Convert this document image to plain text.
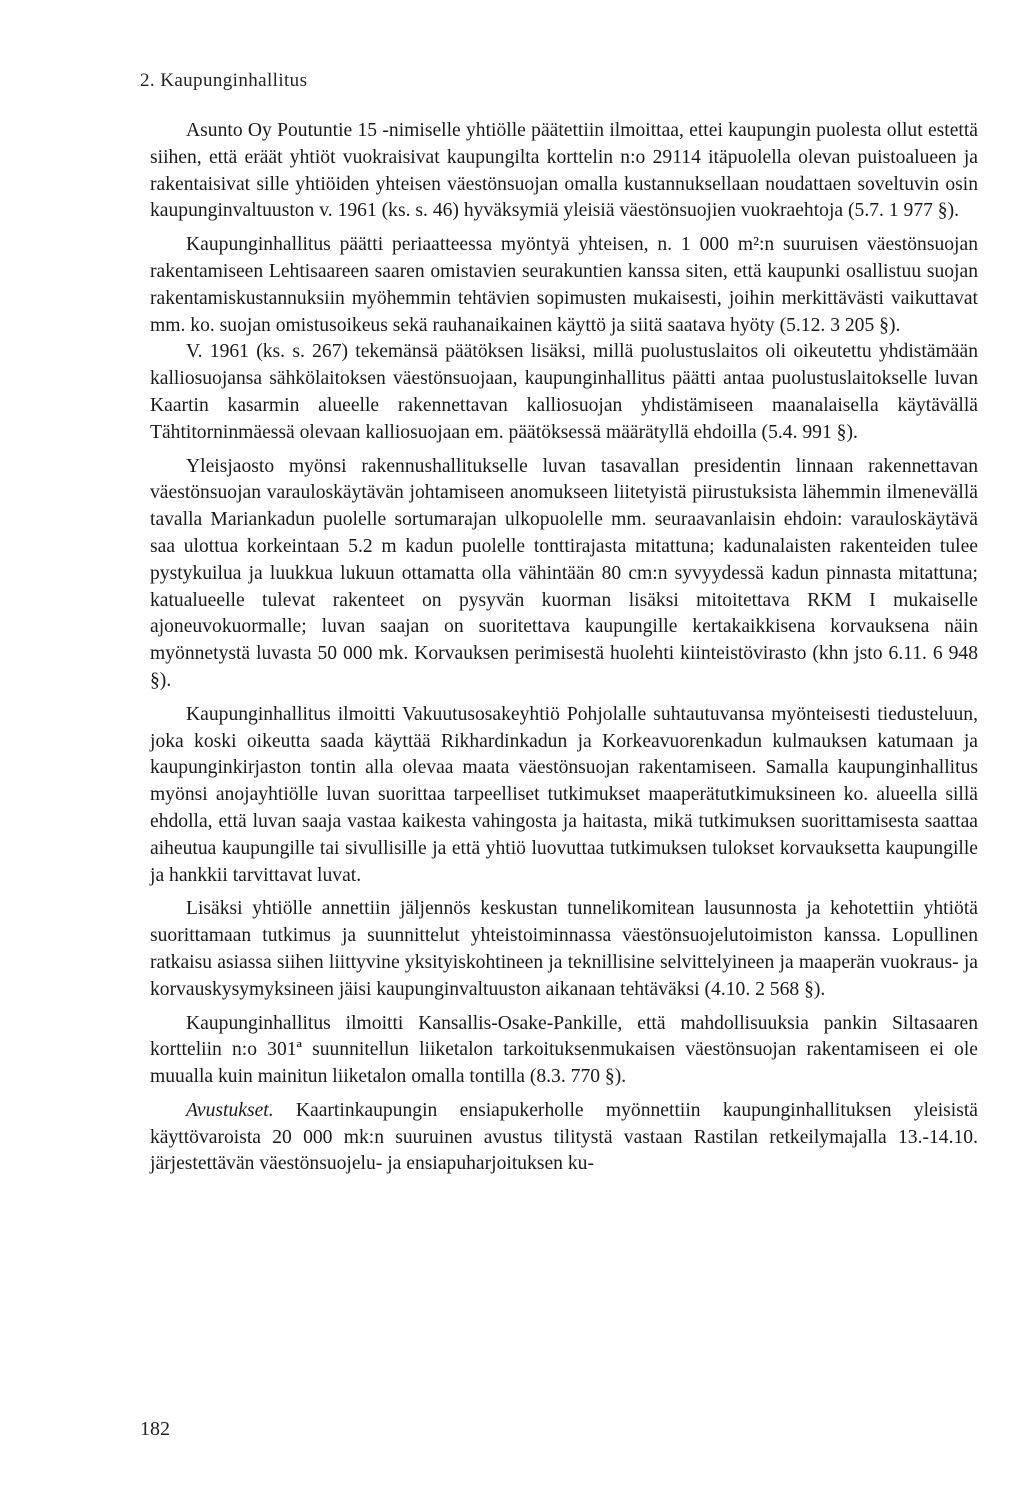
2. Kaupunginhallitus

Asunto Oy Poutuntie 15 -nimiselle yhtiölle päätettiin ilmoittaa, ettei kaupungin puolesta ollut estettä siihen, että eräät yhtiöt vuokraisivat kaupungilta korttelin n:o 29114 itäpuolella olevan puistoalueen ja rakentaisivat sille yhtiöiden yhteisen väestönsuojan omalla kustannuksellaan noudattaen soveltuvin osin kaupunginvaltuuston v. 1961 (ks. s. 46) hyväksymiä yleisiä väestönsuojien vuokraehtoja (5.7. 1 977 §).

Kaupunginhallitus päätti periaatteessa myöntyä yhteisen, n. 1 000 m²:n suuruisen väestönsuojan rakentamiseen Lehtisaareen saaren omistavien seurakuntien kanssa siten, että kaupunki osallistuu suojan rakentamiskustannuksiin myöhemmin tehtävien sopimusten mukaisesti, joihin merkittävästi vaikuttavat mm. ko. suojan omistusoikeus sekä rauhanaikainen käyttö ja siitä saatava hyöty (5.12. 3 205 §).

V. 1961 (ks. s. 267) tekemänsä päätöksen lisäksi, millä puolustuslaitos oli oikeutettu yhdistämään kalliosuojansa sähkölaitoksen väestönsuojaan, kaupunginhallitus päätti antaa puolustuslaitokselle luvan Kaartin kasarmin alueelle rakennettavan kalliosuojan yhdistämiseen maanalaisella käytävällä Tähtitorninmäessä olevaan kalliosuojaan em. päätöksessä määrätyllä ehdoilla (5.4. 991 §).

Yleisjaosto myönsi rakennushallitukselle luvan tasavallan presidentin linnaan rakennettavan väestönsuojan varauloskäytävän johtamiseen anomukseen liitetyistä piirustuksista lähemmin ilmenevällä tavalla Mariankadun puolelle sortumarajan ulkopuolelle mm. seuraavanlaisin ehdoin: varauloskäytävä saa ulottua korkeintaan 5.2 m kadun puolelle tonttirajasta mitattuna; kadunalaisten rakenteiden tulee pystykuilua ja luukkua lukuun ottamatta olla vähintään 80 cm:n syvyydessä kadun pinnasta mitattuna; katualueelle tulevat rakenteet on pysyvän kuorman lisäksi mitoitettava RKM I mukaiselle ajoneuvokuormalle; luvan saajan on suoritettava kaupungille kertakaikkisena korvauksena näin myönnetystä luvasta 50 000 mk. Korvauksen perimisestä huolehti kiinteistövirasto (khn jsto 6.11. 6 948 §).

Kaupunginhallitus ilmoitti Vakuutusosakeyhtiö Pohjolalle suhtautuvansa myönteisesti tiedusteluun, joka koski oikeutta saada käyttää Rikhardinkadun ja Korkeavuorenkadun kulmauksen katumaan ja kaupunginkirjaston tontin alla olevaa maata väestönsuojan rakentamiseen. Samalla kaupunginhallitus myönsi anojayhtiölle luvan suorittaa tarpeelliset tutkimukset maaperätutkimuksineen ko. alueella sillä ehdolla, että luvan saaja vastaa kaikesta vahingosta ja haitasta, mikä tutkimuksen suorittamisesta saattaa aiheutua kaupungille tai sivullisille ja että yhtiö luovuttaa tutkimuksen tulokset korvauksetta kaupungille ja hankkii tarvittavat luvat.

Lisäksi yhtiölle annettiin jäljennös keskustan tunnelikomitean lausunnosta ja kehotettiin yhtiötä suorittamaan tutkimus ja suunnittelut yhteistoiminnassa väestönsuojelutoimiston kanssa. Lopullinen ratkaisu asiassa siihen liittyvine yksityiskohtineen ja teknillisine selvittelyineen ja maaperän vuokraus- ja korvauskysymyksineen jäisi kaupunginvaltuuston aikanaan tehtäväksi (4.10. 2 568 §).

Kaupunginhallitus ilmoitti Kansallis-Osake-Pankille, että mahdollisuuksia pankin Siltasaaren kortteliin n:o 301ª suunnitellun liiketalon tarkoituksenmukaisen väestönsuojan rakentamiseen ei ole muualla kuin mainitun liiketalon omalla tontilla (8.3. 770 §).

Avustukset. Kaartinkaupungin ensiapukerholle myönnettiin kaupunginhallituksen yleisistä käyttövaroista 20 000 mk:n suuruinen avustus tilitystä vastaan Rastilan retkeilymajalla 13.-14.10. järjestettävän väestönsuojelu- ja ensiapuharjoituksen ku-

182
